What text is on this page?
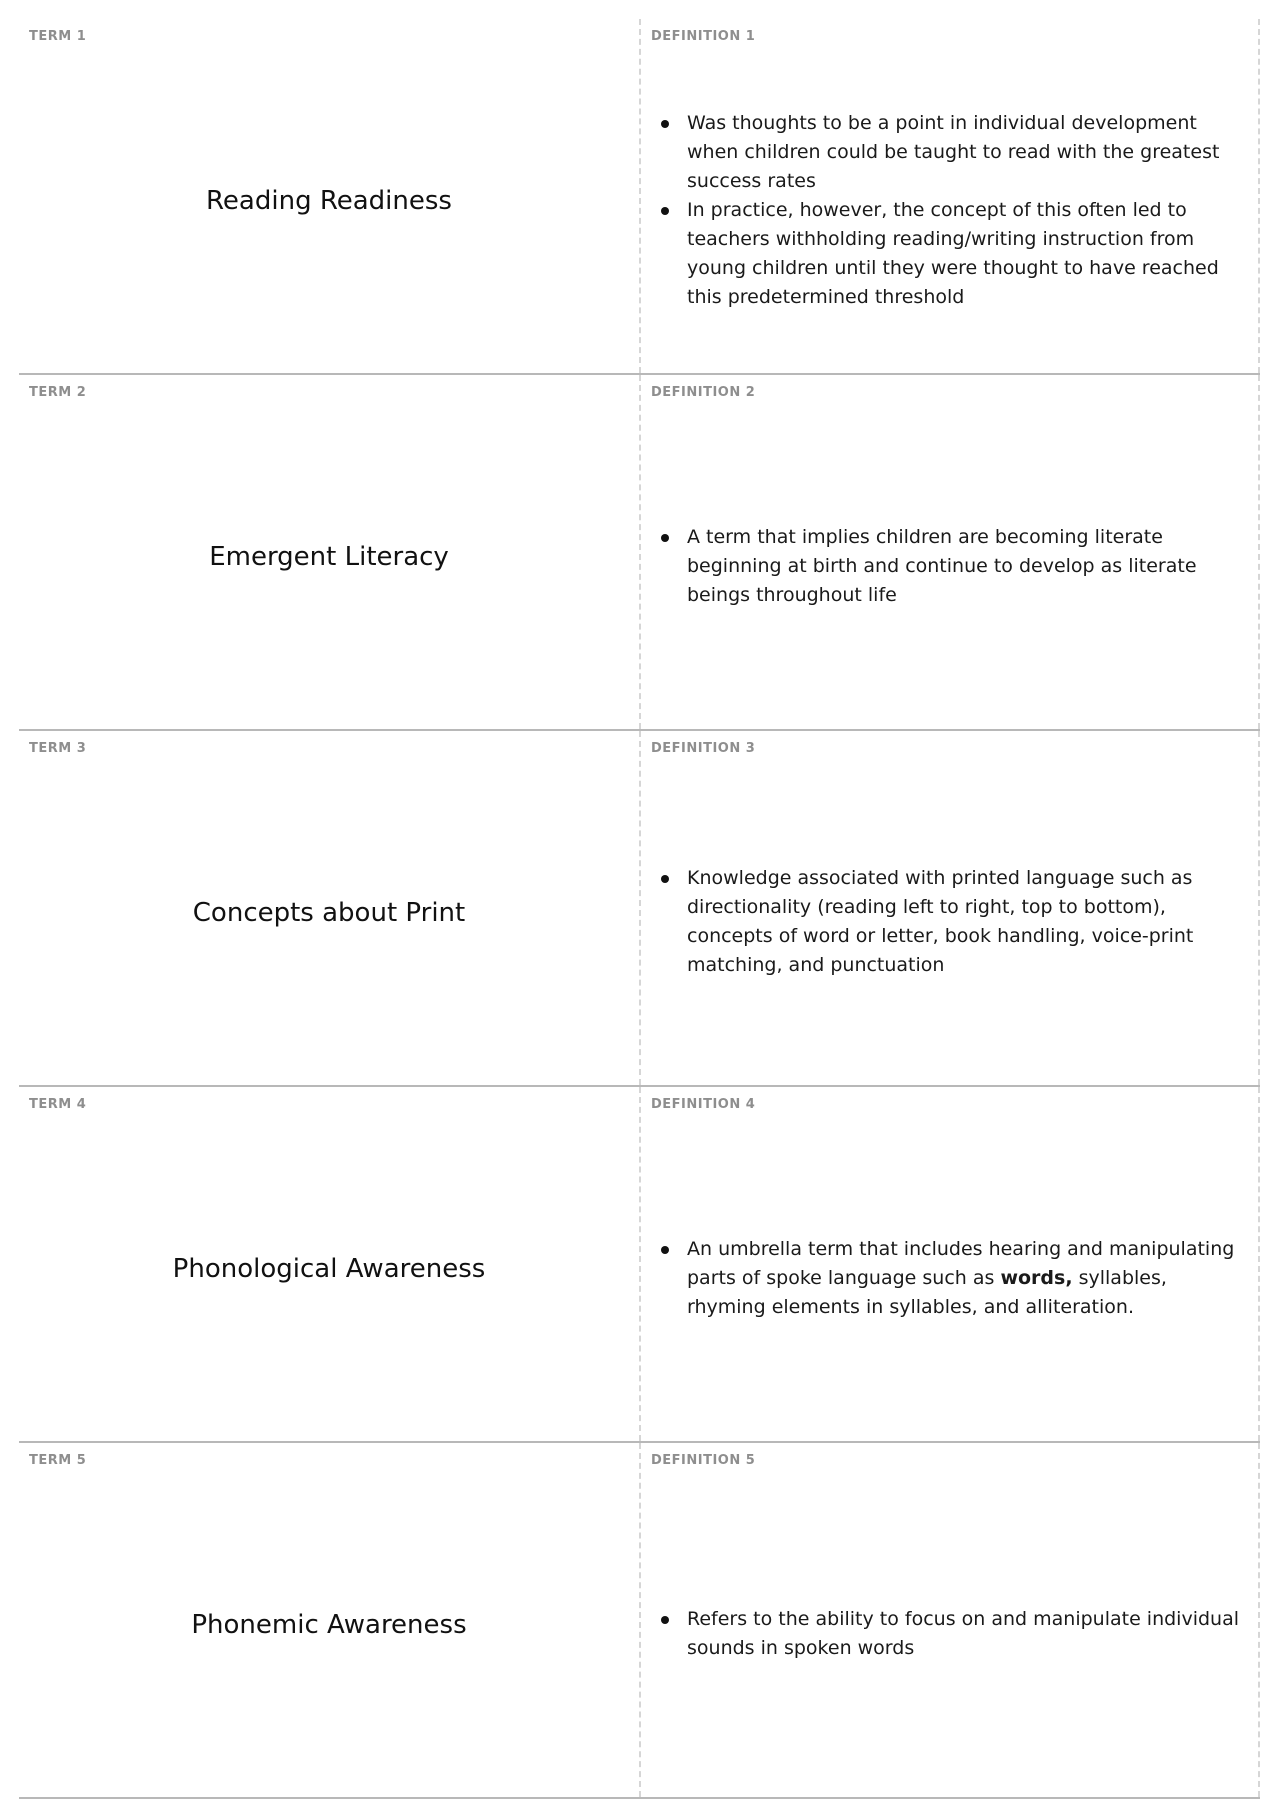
TERM 1
Reading Readiness
DEFINITION 1
Was thoughts to be a point in individual development when children could be taught to read with the greatest success rates
In practice, however, the concept of this often led to teachers withholding reading/writing instruction from young children until they were thought to have reached this predetermined threshold
TERM 2
Emergent Literacy
DEFINITION 2
A term that implies children are becoming literate beginning at birth and continue to develop as literate beings throughout life
TERM 3
Concepts about Print
DEFINITION 3
Knowledge associated with printed language such as directionality (reading left to right, top to bottom), concepts of word or letter, book handling, voice-print matching, and punctuation
TERM 4
Phonological Awareness
DEFINITION 4
An umbrella term that includes hearing and manipulating parts of spoke language such as words, syllables, rhyming elements in syllables, and alliteration.
TERM 5
Phonemic Awareness
DEFINITION 5
Refers to the ability to focus on and manipulate individual sounds in spoken words
